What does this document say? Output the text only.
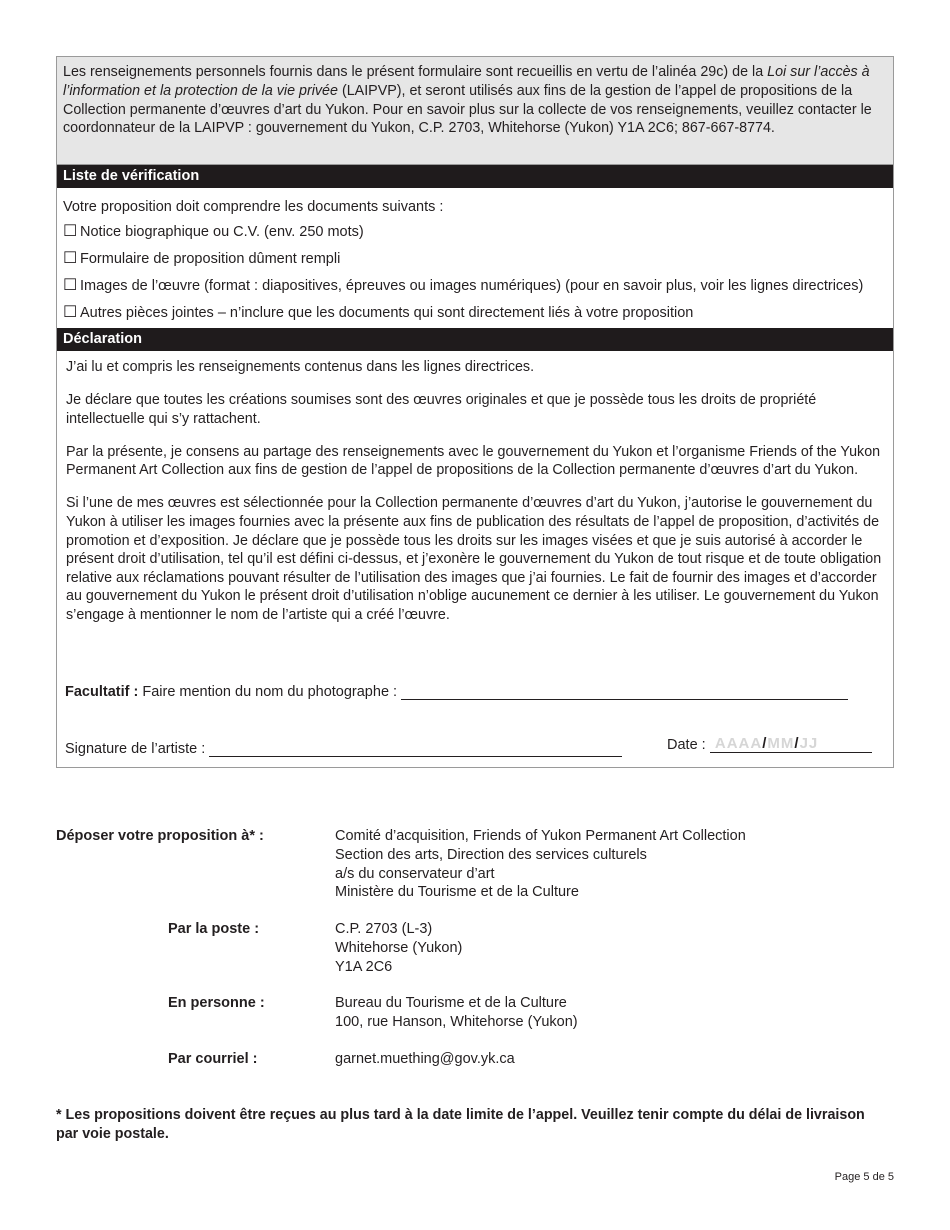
Les renseignements personnels fournis dans le présent formulaire sont recueillis en vertu de l’alinéa 29c) de la Loi sur l’accès à l’information et la protection de la vie privée (LAIPVP), et seront utilisés aux fins de la gestion de l’appel de propositions de la Collection permanente d’œuvres d’art du Yukon. Pour en savoir plus sur la collecte de vos renseignements, veuillez contacter le coordonnateur de la LAIPVP : gouvernement du Yukon, C.P. 2703, Whitehorse (Yukon) Y1A 2C6; 867-667-8774.
Liste de vérification
Votre proposition doit comprendre les documents suivants :
☐ Notice biographique ou C.V. (env. 250 mots)
☐ Formulaire de proposition dûment rempli
☐ Images de l’œuvre (format : diapositives, épreuves ou images numériques) (pour en savoir plus, voir les lignes directrices)
☐ Autres pièces jointes – n’inclure que les documents qui sont directement liés à votre proposition
Déclaration

J’ai lu et compris les renseignements contenus dans les lignes directrices.

Je déclare que toutes les créations soumises sont des œuvres originales et que je possède tous les droits de propriété intellectuelle qui s’y rattachent.

Par la présente, je consens au partage des renseignements avec le gouvernement du Yukon et l’organisme Friends of the Yukon Permanent Art Collection aux fins de gestion de l’appel de propositions de la Collection permanente d’œuvres d’art du Yukon.

Si l’une de mes œuvres est sélectionnée pour la Collection permanente d’œuvres d’art du Yukon, j’autorise le gouvernement du Yukon à utiliser les images fournies avec la présente aux fins de publication des résultats de l’appel de proposition, d’activités de promotion et d’exposition. Je déclare que je possède tous les droits sur les images visées et que je suis autorisé à accorder le présent droit d’utilisation, tel qu’il est défini ci-dessus, et j’exonère le gouvernement du Yukon de tout risque et de toute obligation relative aux réclamations pouvant résulter de l’utilisation des images que j’ai fournies. Le fait de fournir des images et d’accorder au gouvernement du Yukon le présent droit d’utilisation n’oblige aucunement ce dernier à les utiliser. Le gouvernement du Yukon s’engage à mentionner le nom de l’artiste qui a créé l’œuvre.

Facultatif : Faire mention du nom du photographe :
Signature de l’artiste :	Date :  AAAA/MM/JJ
Déposer votre proposition à* :	Comité d’acquisition, Friends of Yukon Permanent Art Collection
Section des arts, Direction des services culturels
a/s du conservateur d’art
Ministère du Tourisme et de la Culture
Par la poste :	C.P. 2703 (L-3)
Whitehorse (Yukon)
Y1A 2C6
En personne :	Bureau du Tourisme et de la Culture
100, rue Hanson, Whitehorse (Yukon)
Par courriel :	garnet.muething@gov.yk.ca
* Les propositions doivent être reçues au plus tard à la date limite de l’appel. Veuillez tenir compte du délai de livraison par voie postale.
Page 5 de 5
